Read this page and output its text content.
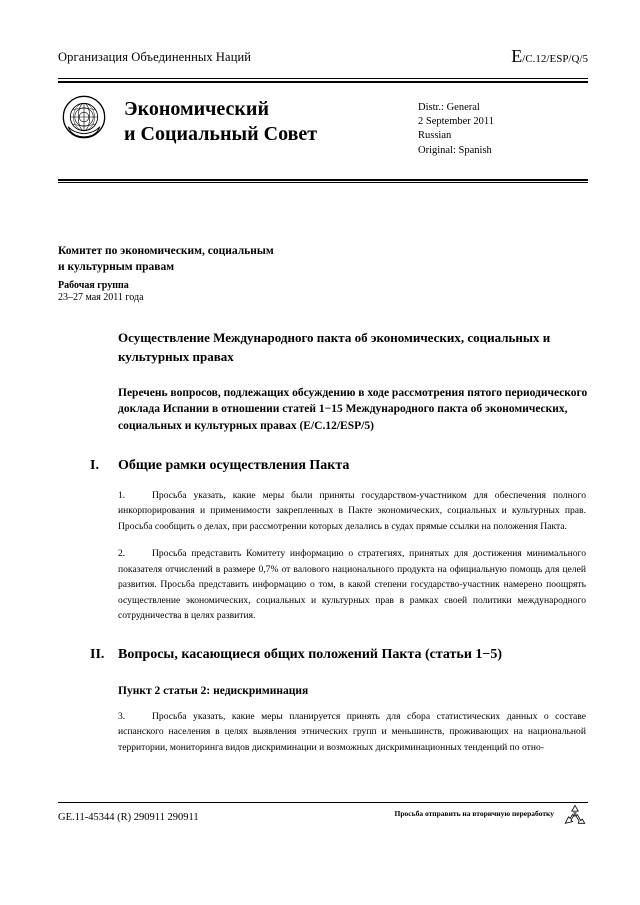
Организация Объединенных Наций	E/C.12/ESP/Q/5
Экономический
и Социальный Совет
Distr.: General
2 September 2011
Russian
Original: Spanish
Комитет по экономическим, социальным
и культурным правам
Рабочая группа
23–27 мая 2011 года
Осуществление Международного пакта об экономических, социальных и культурных правах
Перечень вопросов, подлежащих обсуждению в ходе рассмотрения пятого периодического доклада Испании в отношении статей 1−15 Международного пакта об экономических, социальных и культурных правах (E/C.12/ESP/5)
I.	Общие рамки осуществления Пакта
1.	Просьба указать, какие меры были приняты государством-участником для обеспечения полного инкорпорирования и применимости закрепленных в Пакте экономических, социальных и культурных прав. Просьба сообщить о делах, при рассмотрении которых делались в судах прямые ссылки на положения Пакта.
2.	Просьба представить Комитету информацию о стратегиях, принятых для достижения минимального показателя отчислений в размере 0,7% от валового национального продукта на официальную помощь для целей развития. Просьба представить информацию о том, в какой степени государство-участник намерено поощрять осуществление экономических, социальных и культурных прав в рамках своей политики международного сотрудничества в целях развития.
II. Вопросы, касающиеся общих положений Пакта (статьи 1−5)
Пункт 2 статьи 2: недискриминация
3.	Просьба указать, какие меры планируется принять для сбора статистических данных о составе испанского населения в целях выявления этнических групп и меньшинств, проживающих на национальной территории, мониторинга видов дискриминации и возможных дискриминационных тенденций по отно-
GE.11-45344 (R) 290911 290911	Просьба отправить на вторичную переработку
